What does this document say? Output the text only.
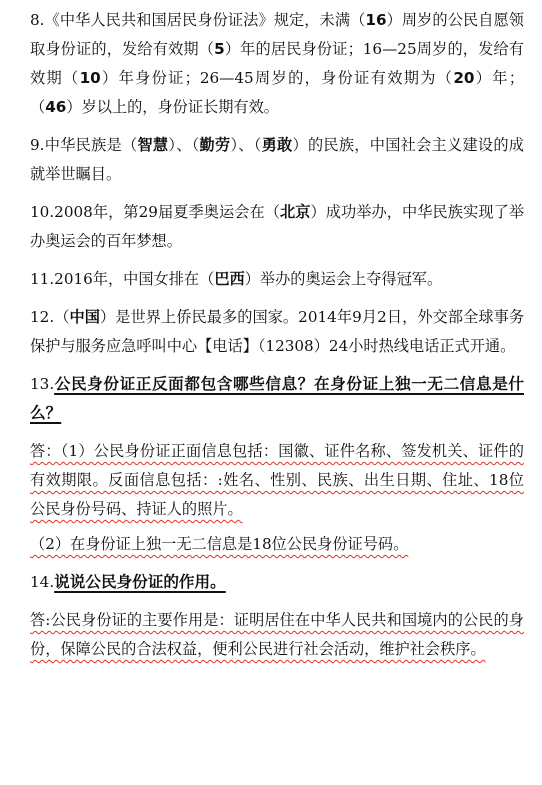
8.《中华人民共和国居民身份证法》规定，未满（16）周岁的公民自愿领取身份证的，发给有效期（5）年的居民身份证；16—25周岁的，发给有效期（10）年身份证；26—45周岁的，身份证有效期为（20）年；（46）岁以上的，身份证长期有效。

9.中华民族是（智慧）、（勤劳）、（勇敢）的民族，中国社会主义建设的成就举世瞩目。

10.2008年，第29届夏季奥运会在（北京）成功举办，中华民族实现了举办奥运会的百年梦想。

11.2016年，中国女排在（巴西）举办的奥运会上夺得冠军。

12.（中国）是世界上侨民最多的国家。2014年9月2日，外交部全球事务保护与服务应急呼叫中心【电话】（12308）24小时热线电话正式开通。

13.公民身份证正反面都包含哪些信息？在身份证上独一无二信息是什么？

答：（1）公民身份证正面信息包括：国徽、证件名称、签发机关、证件的有效期限。反面信息包括：:姓名、性别、民族、出生日期、住址、18位公民身份号码、持证人的照片。

（2）在身份证上独一无二信息是18位公民身份证号码。

14.说说公民身份证的作用。

答:公民身份证的主要作用是：证明居住在中华人民共和国境内的公民的身份，保障公民的合法权益，便利公民进行社会活动，维护社会秩序。
